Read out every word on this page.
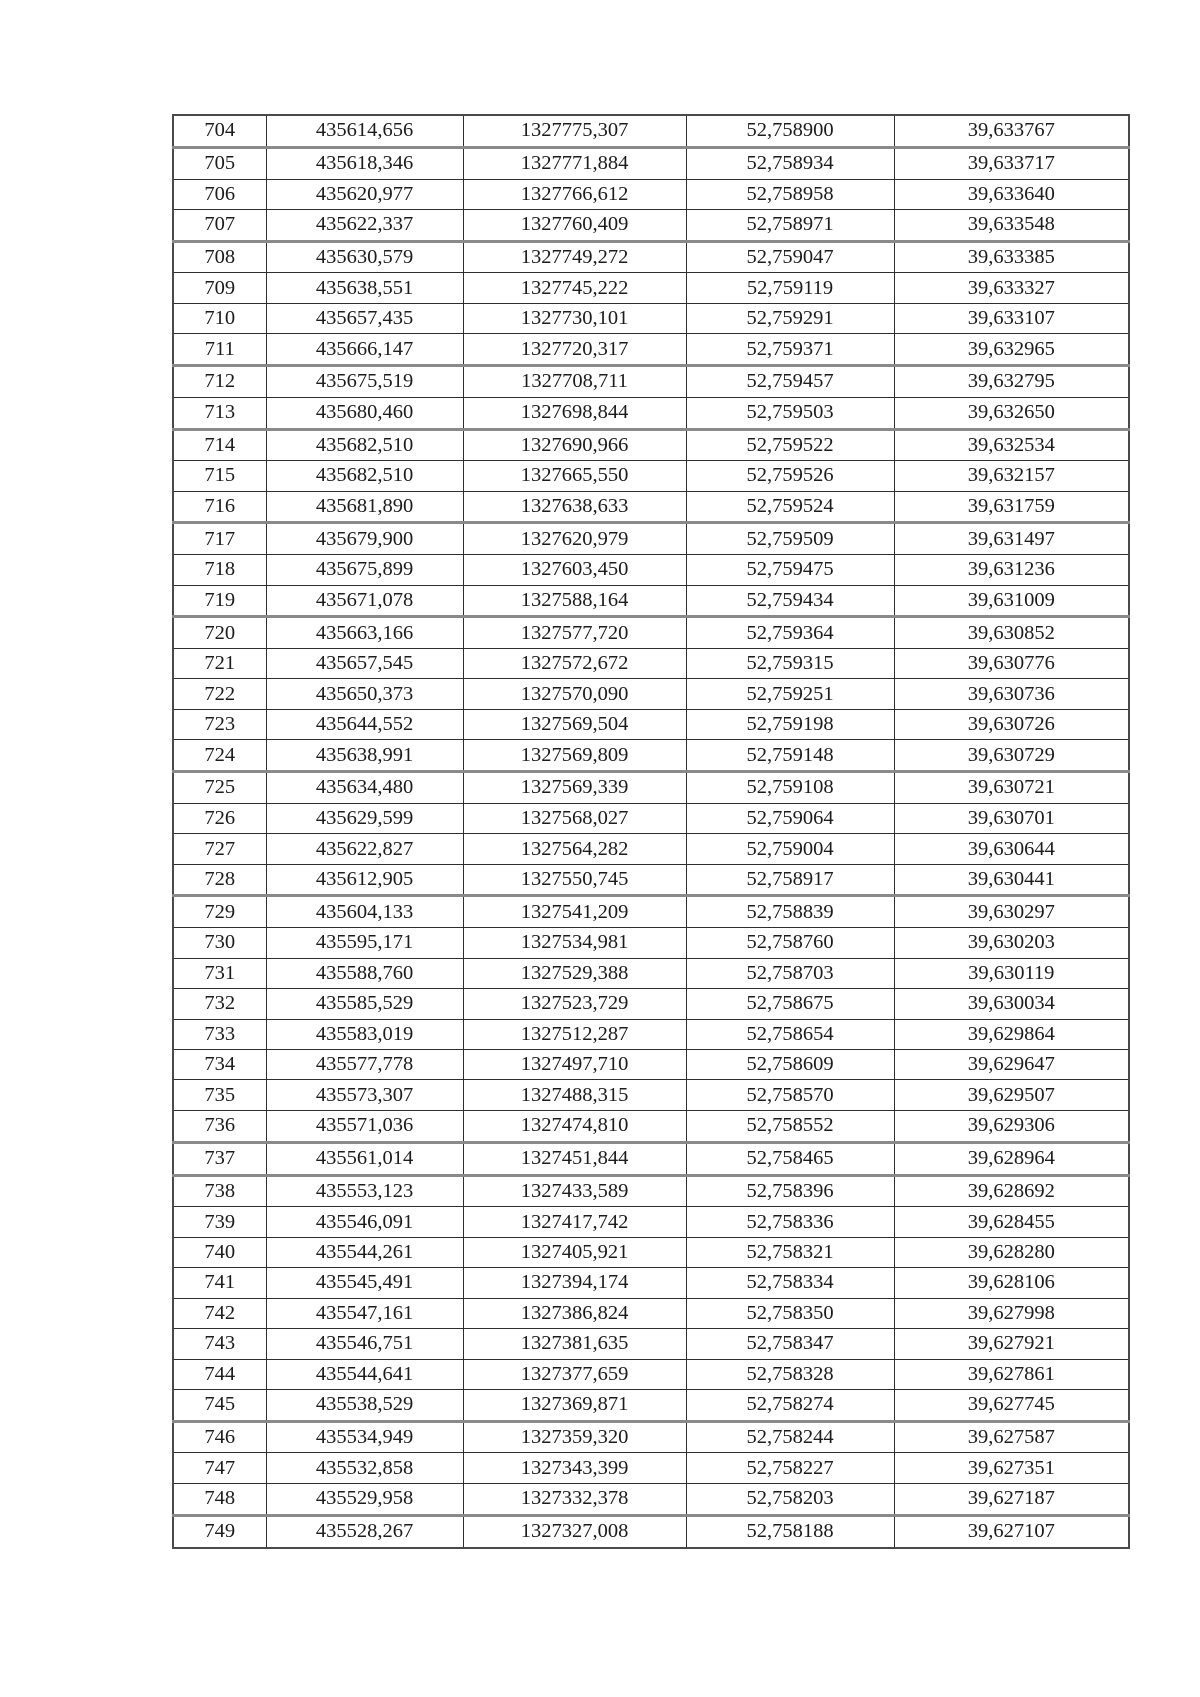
704	435614,656	1327775,307	52,758900	39,633767
705	435618,346	1327771,884	52,758934	39,633717
706	435620,977	1327766,612	52,758958	39,633640
707	435622,337	1327760,409	52,758971	39,633548
708	435630,579	1327749,272	52,759047	39,633385
709	435638,551	1327745,222	52,759119	39,633327
710	435657,435	1327730,101	52,759291	39,633107
711	435666,147	1327720,317	52,759371	39,632965
712	435675,519	1327708,711	52,759457	39,632795
713	435680,460	1327698,844	52,759503	39,632650
714	435682,510	1327690,966	52,759522	39,632534
715	435682,510	1327665,550	52,759526	39,632157
716	435681,890	1327638,633	52,759524	39,631759
717	435679,900	1327620,979	52,759509	39,631497
718	435675,899	1327603,450	52,759475	39,631236
719	435671,078	1327588,164	52,759434	39,631009
720	435663,166	1327577,720	52,759364	39,630852
721	435657,545	1327572,672	52,759315	39,630776
722	435650,373	1327570,090	52,759251	39,630736
723	435644,552	1327569,504	52,759198	39,630726
724	435638,991	1327569,809	52,759148	39,630729
725	435634,480	1327569,339	52,759108	39,630721
726	435629,599	1327568,027	52,759064	39,630701
727	435622,827	1327564,282	52,759004	39,630644
728	435612,905	1327550,745	52,758917	39,630441
729	435604,133	1327541,209	52,758839	39,630297
730	435595,171	1327534,981	52,758760	39,630203
731	435588,760	1327529,388	52,758703	39,630119
732	435585,529	1327523,729	52,758675	39,630034
733	435583,019	1327512,287	52,758654	39,629864
734	435577,778	1327497,710	52,758609	39,629647
735	435573,307	1327488,315	52,758570	39,629507
736	435571,036	1327474,810	52,758552	39,629306
737	435561,014	1327451,844	52,758465	39,628964
738	435553,123	1327433,589	52,758396	39,628692
739	435546,091	1327417,742	52,758336	39,628455
740	435544,261	1327405,921	52,758321	39,628280
741	435545,491	1327394,174	52,758334	39,628106
742	435547,161	1327386,824	52,758350	39,627998
743	435546,751	1327381,635	52,758347	39,627921
744	435544,641	1327377,659	52,758328	39,627861
745	435538,529	1327369,871	52,758274	39,627745
746	435534,949	1327359,320	52,758244	39,627587
747	435532,858	1327343,399	52,758227	39,627351
748	435529,958	1327332,378	52,758203	39,627187
749	435528,267	1327327,008	52,758188	39,627107
